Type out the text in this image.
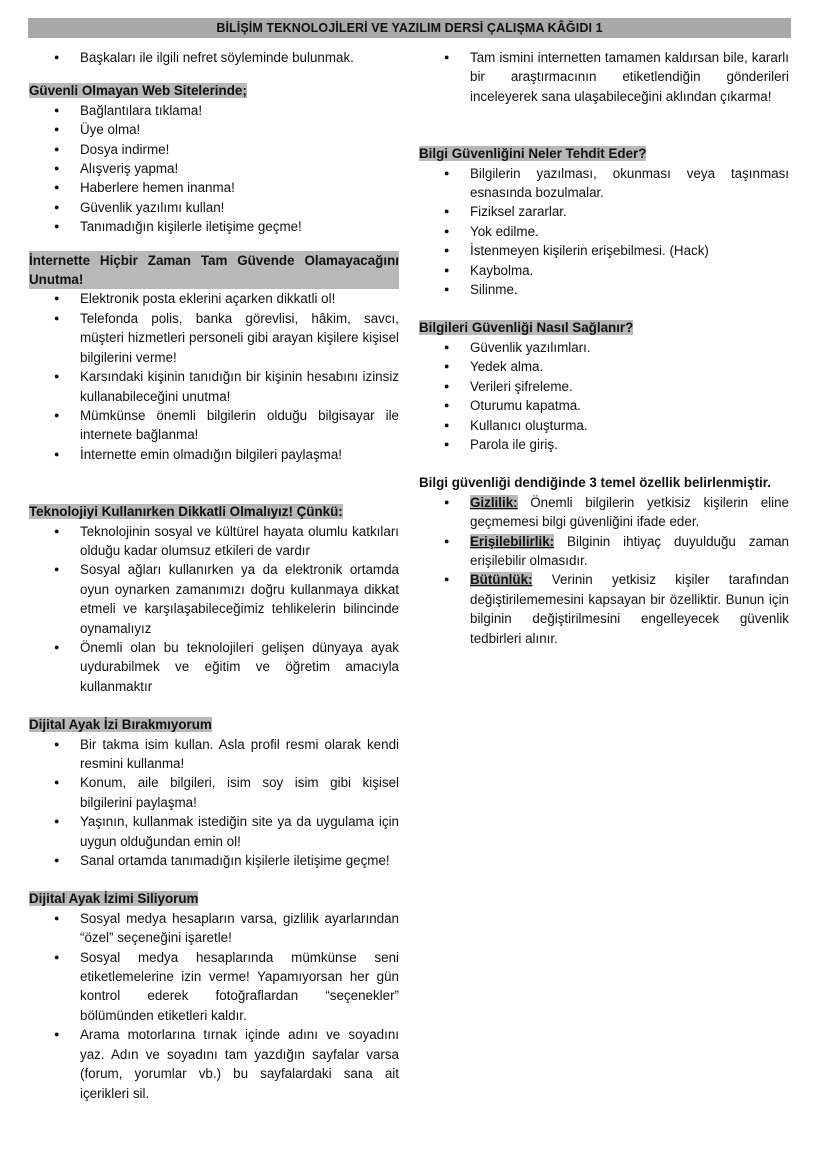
BİLİŞİM TEKNOLOJİLERİ VE YAZILIM DERSİ ÇALIŞMA KÂĞIDI 1
● Başkaları ile ilgili nefret söyleminde bulunmak.
Güvenli Olmayan Web Sitelerinde;
● Bağlantılara tıklama!
● Üye olma!
● Dosya indirme!
● Alışveriş yapma!
● Haberlere hemen inanma!
● Güvenlik yazılımı kullan!
● Tanımadığın kişilerle iletişime geçme!
İnternette Hiçbir Zaman Tam Güvende Olamayacağını Unutma!
● Elektronik posta eklerini açarken dikkatli ol!
● Telefonda polis, banka görevlisi, hâkim, savcı, müşteri hizmetleri personeli gibi arayan kişilere kişisel bilgilerini verme!
● Karsındaki kişinin tanıdığın bir kişinin hesabını izinsiz kullanabileceğini unutma!
● Mümkünse önemli bilgilerin olduğu bilgisayar ile internete bağlanma!
● İnternette emin olmadığın bilgileri paylaşma!
Teknolojiyi Kullanırken Dikkatli Olmalıyız! Çünkü:
● Teknolojinin sosyal ve kültürel hayata olumlu katkıları olduğu kadar olumsuz etkileri de vardır
● Sosyal ağları kullanırken ya da elektronik ortamda oyun oynarken zamanımızı doğru kullanmaya dikkat etmeli ve karşılaşabileceğimiz tehlikelerin bilincinde oynamalıyız
● Önemli olan bu teknolojileri gelişen dünyaya ayak uydurabilmek ve eğitim ve öğretim amacıyla kullanmaktır
Dijital Ayak İzi Bırakmıyorum
● Bir takma isim kullan. Asla profil resmi olarak kendi resmini kullanma!
● Konum, aile bilgileri, isim soy isim gibi kişisel bilgilerini paylaşma!
● Yaşının, kullanmak istediğin site ya da uygulama için uygun olduğundan emin ol!
● Sanal ortamda tanımadığın kişilerle iletişime geçme!
Dijital Ayak İzimi Siliyorum
● Sosyal medya hesapların varsa, gizlilik ayarlarından “özel” seçeneğini işaretle!
● Sosyal medya hesaplarında mümkünse seni etiketlemelerine izin verme! Yapamıyorsan her gün kontrol ederek fotoğraflardan “seçenekler” bölümünden etiketleri kaldır.
● Arama motorlarına tırnak içinde adını ve soyadını yaz. Adın ve soyadını tam yazdığın sayfalar varsa (forum, yorumlar vb.) bu sayfalardaki sana ait içerikleri sil.
● Tam ismini internetten tamamen kaldırsan bile, kararlı bir araştırmacının etiketlendiğin gönderileri inceleyerek sana ulaşabileceğini aklından çıkarma!
Bilgi Güvenliğini Neler Tehdit Eder?
● Bilgilerin yazılması, okunması veya taşınması esnasında bozulmalar.
● Fiziksel zararlar.
● Yok edilme.
● İstenmeyen kişilerin erişebilmesi. (Hack)
● Kaybolma.
● Silinme.
Bilgileri Güvenliği Nasıl Sağlanır?
● Güvenlik yazılımları.
● Yedek alma.
● Verileri şifreleme.
● Oturumu kapatma.
● Kullanıcı oluşturma.
● Parola ile giriş.

Bilgi güvenliği dendiğinde 3 temel özellik belirlenmiştir.

● Gizlilik: Önemli bilgilerin yetkisiz kişilerin eline geçmemesi bilgi güvenliğini ifade eder.
● Erişilebilirlik: Bilginin ihtiyaç duyulduğu zaman erişilebilir olmasıdır.
● Bütünlük: Verinin yetkisiz kişiler tarafından değiştirilememesini kapsayan bir özelliktir. Bunun için bilginin değiştirilmesini engelleyecek güvenlik tedbirleri alınır.
